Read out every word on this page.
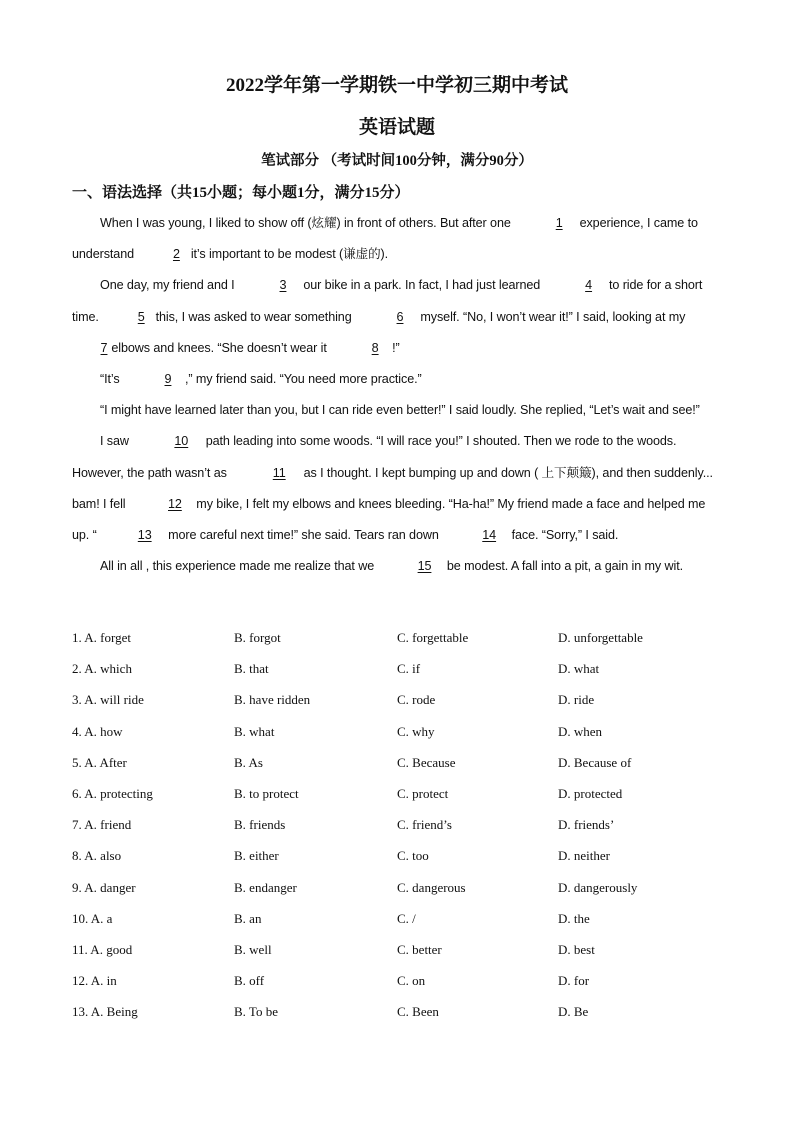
2022学年第一学期铁一中学初三期中考试
英语试题
笔试部分 （考试时间100分钟，满分90分）
一、语法选择（共15小题；每小题1分，满分15分）

When I was young, I liked to show off (炫耀) in front of others. But after one	1 experience, I came to understand	2 it’s important to be modest (谦虚的).

One day, my friend and I	3 our bike in a park. In fact, I had just learned	4 to ride for a short time.	5 this, I was asked to wear something	6 myself. “No, I won’t wear it!” I said, looking at my 7 elbows and knees. “She doesn’t wear it	8 !”

“It’s	9 ,” my friend said. “You need more practice.”

“I might have learned later than you, but I can ride even better!” I said loudly. She replied, “Let’s wait and see!”

I saw	10 path leading into some woods. “I will race you!” I shouted. Then we rode to the woods. However, the path wasn’t as	11 as I thought. I kept bumping up and down ( 上下颠簸), and then suddenly... bam! I fell	12 my bike, I felt my elbows and knees bleeding. “Ha-ha!” My friend made a face and helped me up. “	13 more careful next time!” she said. Tears ran down	14 face. “Sorry,” I said.

All in all , this experience made me realize that we	15 be modest. A fall into a pit, a gain in my wit.

1. A. forget	B. forgot	C. forgettable	D. unforgettable
2. A. which	B. that	C. if	D. what
3. A. will ride	B. have ridden	C. rode	D. ride
4. A. how	B. what	C. why	D. when
5. A. After	B. As	C. Because	D. Because of
6. A. protecting	B. to protect	C. protect	D. protected
7. A. friend	B. friends	C. friend’s	D. friends’
8. A. also	B. either	C. too	D. neither
9. A. danger	B. endanger	C. dangerous	D. dangerously
10. A. a	B. an	C. /	D. the
11. A. good	B. well	C. better	D. best
12. A. in	B. off	C. on	D. for
13. A. Being	B. To be	C. Been	D. Be
